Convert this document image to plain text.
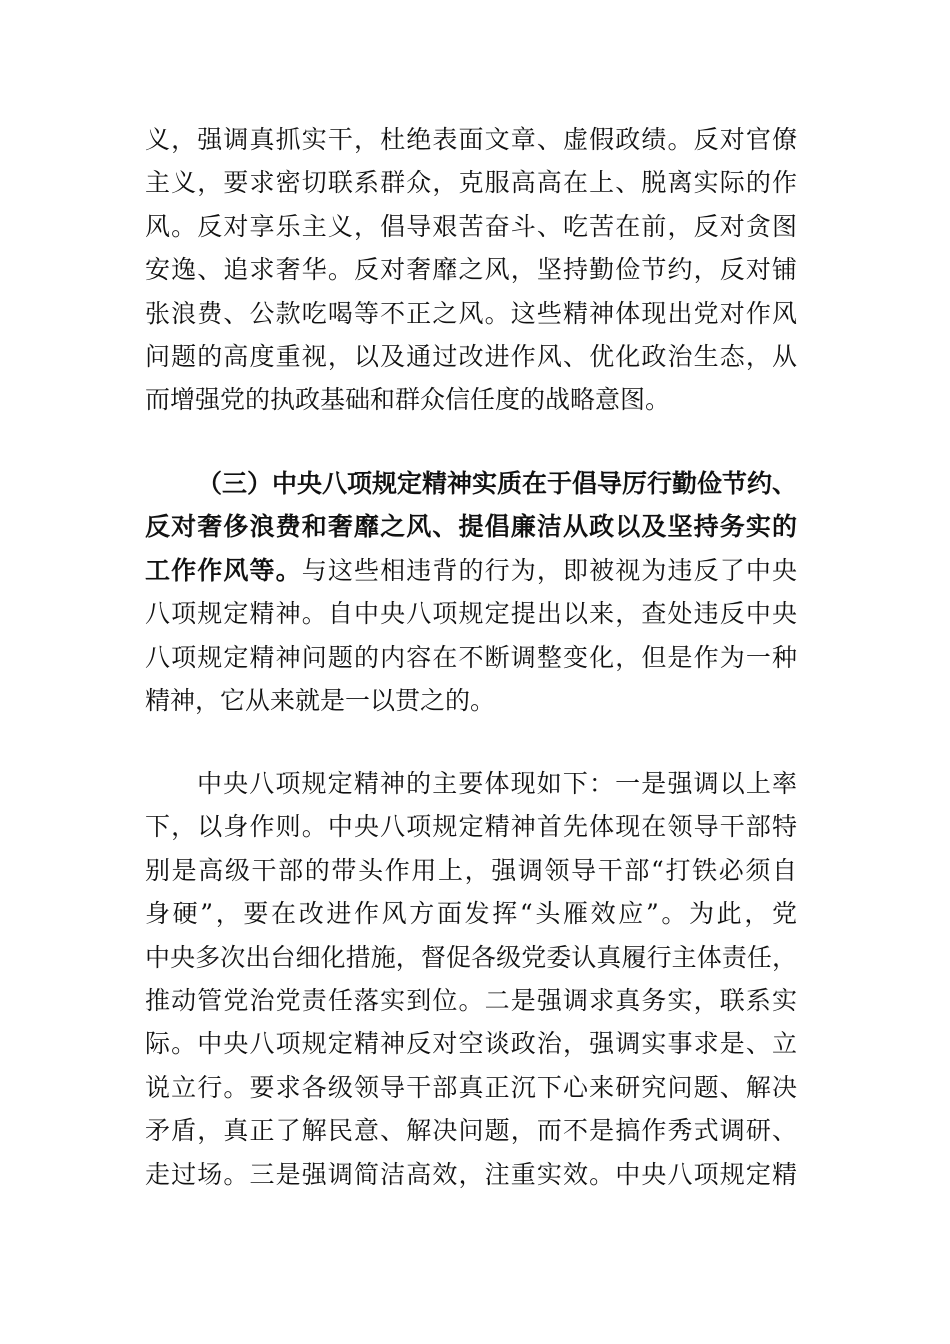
义，强调真抓实干，杜绝表面文章、虚假政绩。反对官僚
主义，要求密切联系群众，克服高高在上、脱离实际的作
风。反对享乐主义，倡导艰苦奋斗、吃苦在前，反对贪图
安逸、追求奢华。反对奢靡之风，坚持勤俭节约，反对铺
张浪费、公款吃喝等不正之风。这些精神体现出党对作风
问题的高度重视，以及通过改进作风、优化政治生态，从
而增强党的执政基础和群众信任度的战略意图。
（三）中央八项规定精神实质在于倡导厉行勤俭节约、
反对奢侈浪费和奢靡之风、提倡廉洁从政以及坚持务实的
工作作风等。与这些相违背的行为，即被视为违反了中央
八项规定精神。自中央八项规定提出以来，查处违反中央
八项规定精神问题的内容在不断调整变化，但是作为一种
精神，它从来就是一以贯之的。
中央八项规定精神的主要体现如下：一是强调以上率
下，以身作则。中央八项规定精神首先体现在领导干部特
别是高级干部的带头作用上，强调领导干部“打铁必须自
身硬”，要在改进作风方面发挥“头雁效应”。为此，党
中央多次出台细化措施，督促各级党委认真履行主体责任，
推动管党治党责任落实到位。二是强调求真务实，联系实
际。中央八项规定精神反对空谈政治，强调实事求是、立
说立行。要求各级领导干部真正沉下心来研究问题、解决
矛盾，真正了解民意、解决问题，而不是搞作秀式调研、
走过场。三是强调简洁高效，注重实效。中央八项规定精
